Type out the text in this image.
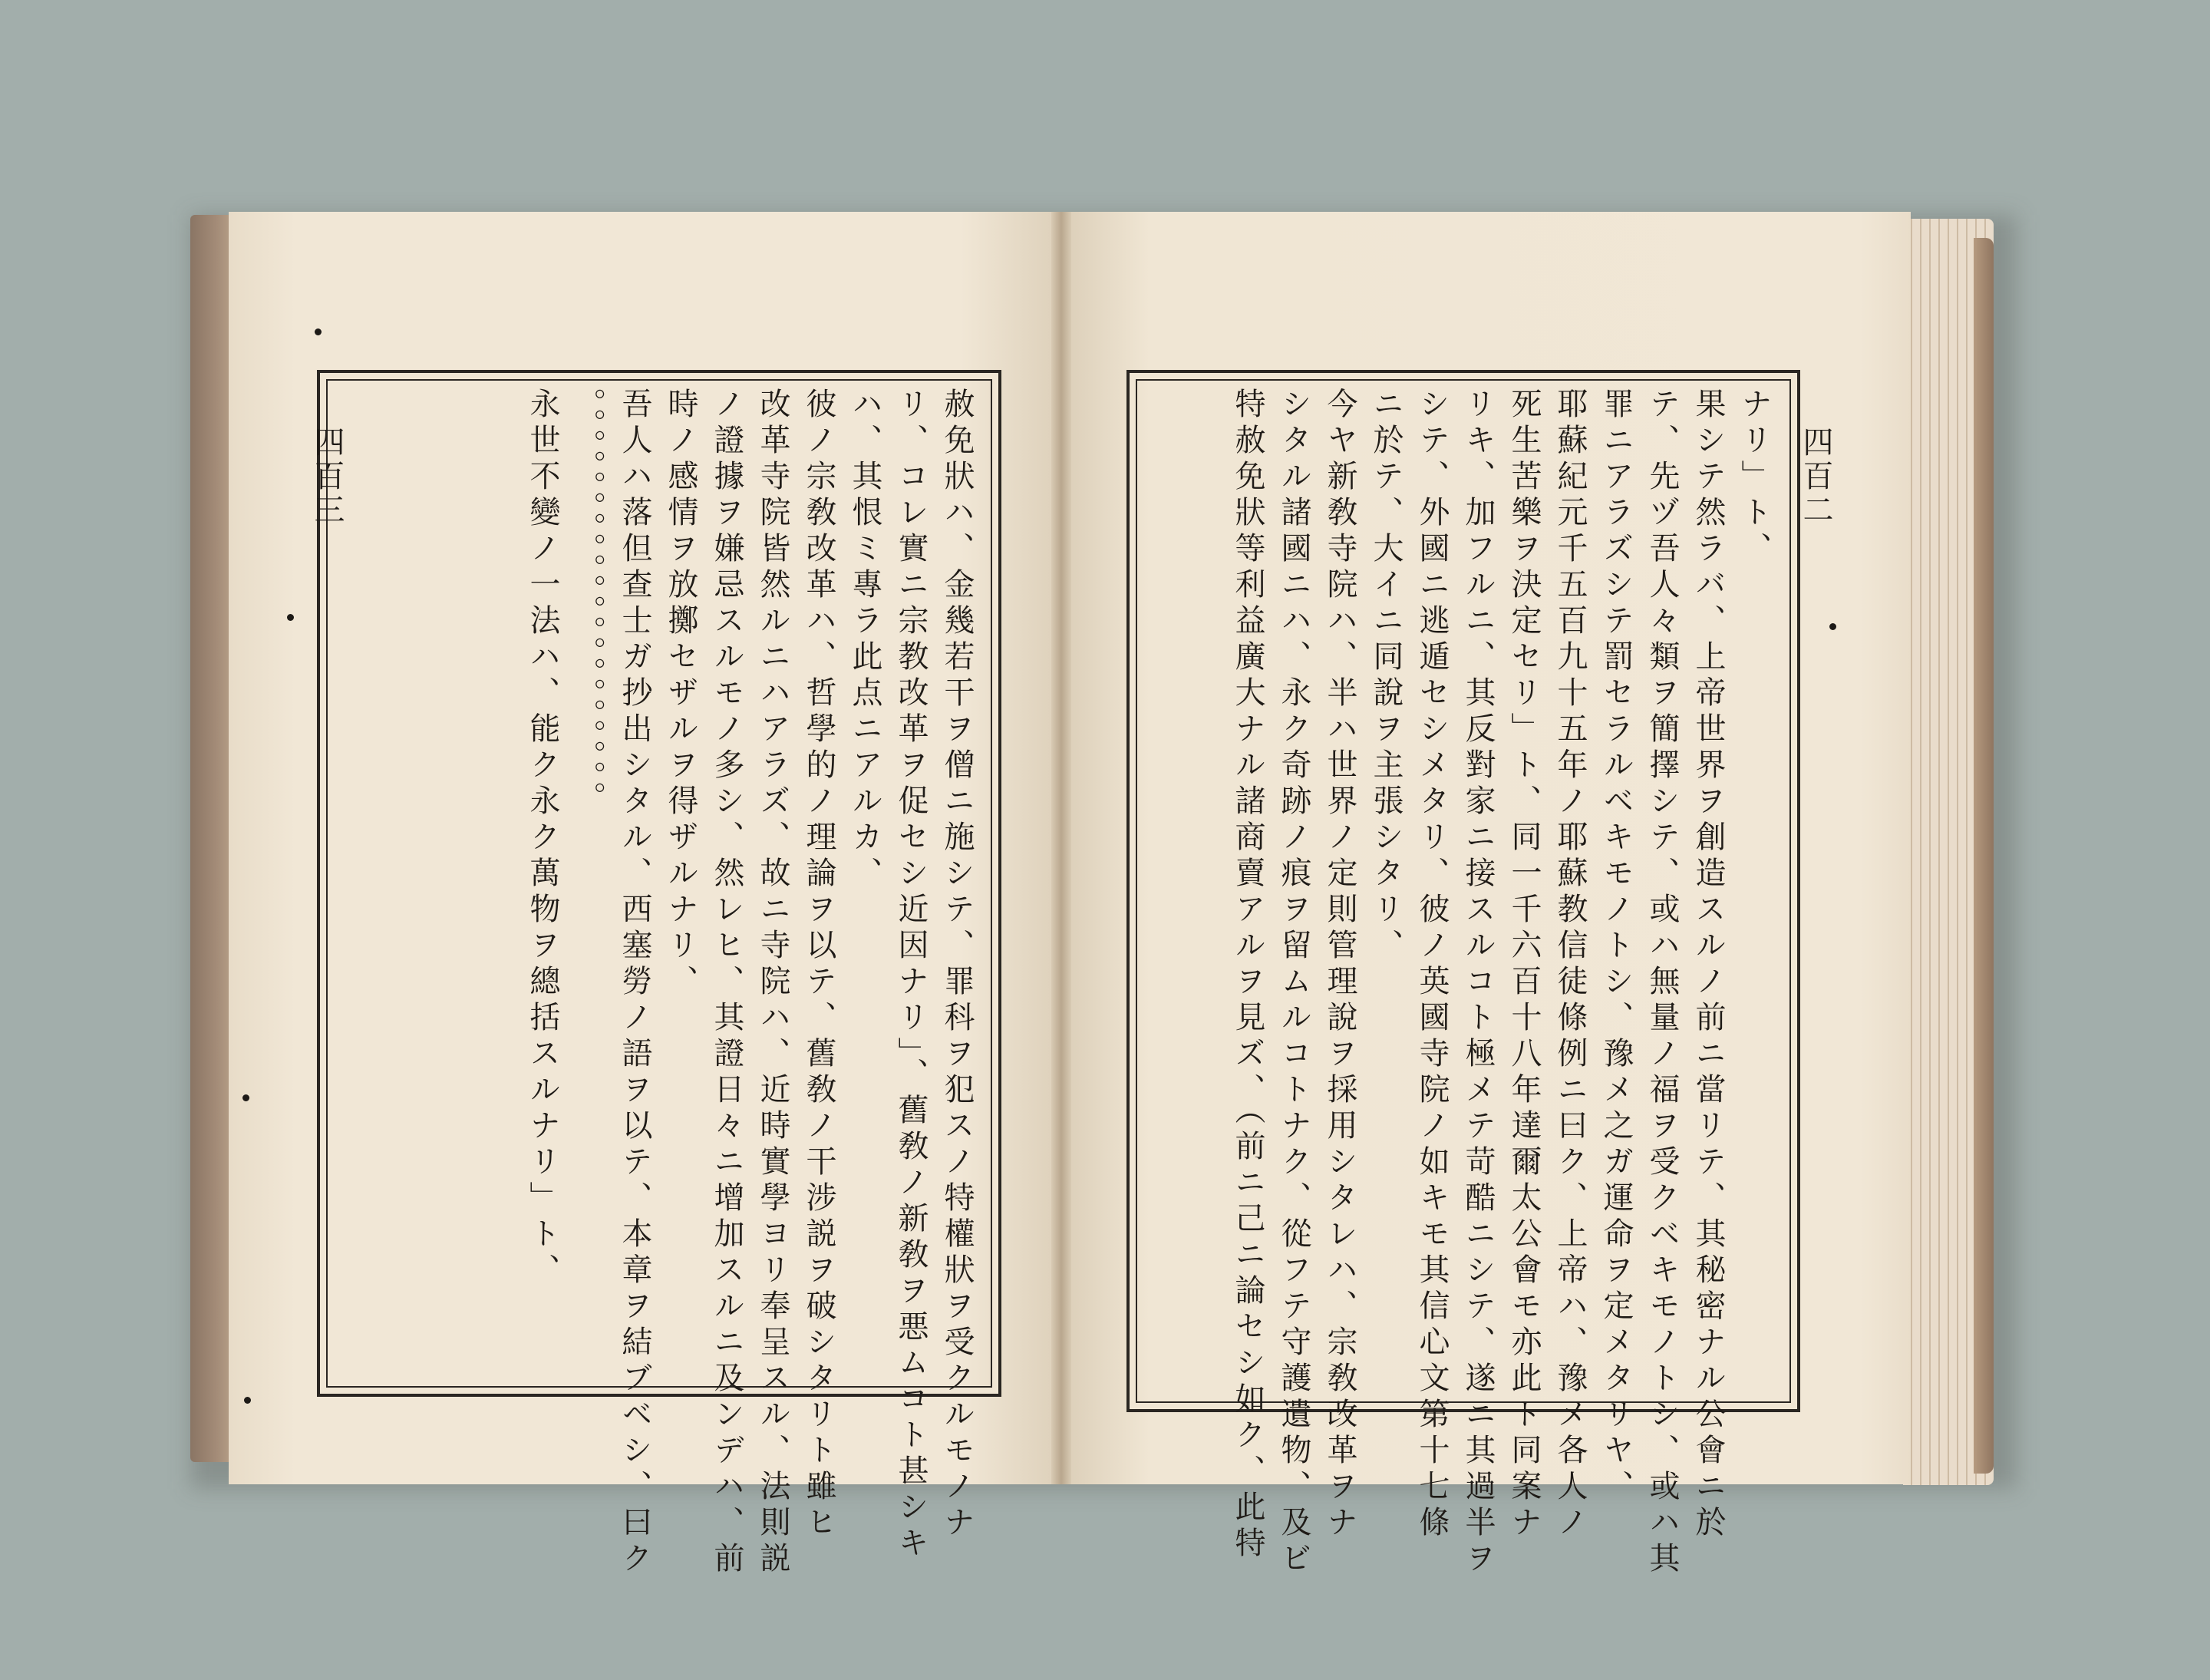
四百三	四百二
赦免狀ハ、金幾若干ヲ僧ニ施シテ、罪科ヲ犯スノ特權狀ヲ受クルモノナ
リ、コレ實ニ宗教改革ヲ促セシ近因ナリ」、舊敎ノ新敎ヲ悪ムコト甚シキ
ハ、其恨ミ專ラ此点ニアルカ、
彼ノ宗敎改革ハ、哲學的ノ理論ヲ以テ、舊敎ノ干涉説ヲ破シタリト雖ヒ
改革寺院皆然ルニハアラズ、故ニ寺院ハ、近時實學ヨリ奉呈スル、法則説
ノ證據ヲ嫌忌スルモノ多シ、然レヒ、其證日々ニ增加スルニ及ンデハ、前
時ノ感情ヲ放擲セザルヲ得ザルナリ、
吾人ハ落但查士ガ抄出シタル、西塞勞ノ語ヲ以テ、本章ヲ結ブベシ、曰ク
。。。。。。。。。。。。。。。。。。。。
永世不變ノ一法ハ、能ク永ク萬物ヲ總括スルナリ」ト、	ナリ」ト、
果シテ然ラバ、上帝世界ヲ創造スルノ前ニ當リテ、其秘密ナル公會ニ於
テ、先ヅ吾人々類ヲ簡擇シテ、或ハ無量ノ福ヲ受クベキモノトシ、或ハ其
罪ニアラズシテ罰セラルベキモノトシ、豫メ之ガ運命ヲ定メタリヤ、
耶蘇紀元千五百九十五年ノ耶蘇教信徒條例ニ曰ク、上帝ハ、豫メ各人ノ
死生苦樂ヲ決定セリ」ト、同一千六百十八年達爾太公會モ亦此ト同案ナ
リキ、加フルニ、其反對家ニ接スルコト極メテ苛酷ニシテ、遂ニ其過半ヲ
シテ、外國ニ逃遁セシメタリ、彼ノ英國寺院ノ如キモ其信心文第十七條
ニ於テ、大イニ同說ヲ主張シタリ、
今ヤ新敎寺院ハ、半ハ世界ノ定則管理說ヲ採用シタレハ、宗敎改革ヲナ
シタル諸國ニハ、永ク奇跡ノ痕ヲ留ムルコトナク、從フテ守護遺物、及ビ
特赦免狀等利益廣大ナル諸商賣アルヲ見ズ、（前ニ己ニ論セシ如ク、此特
